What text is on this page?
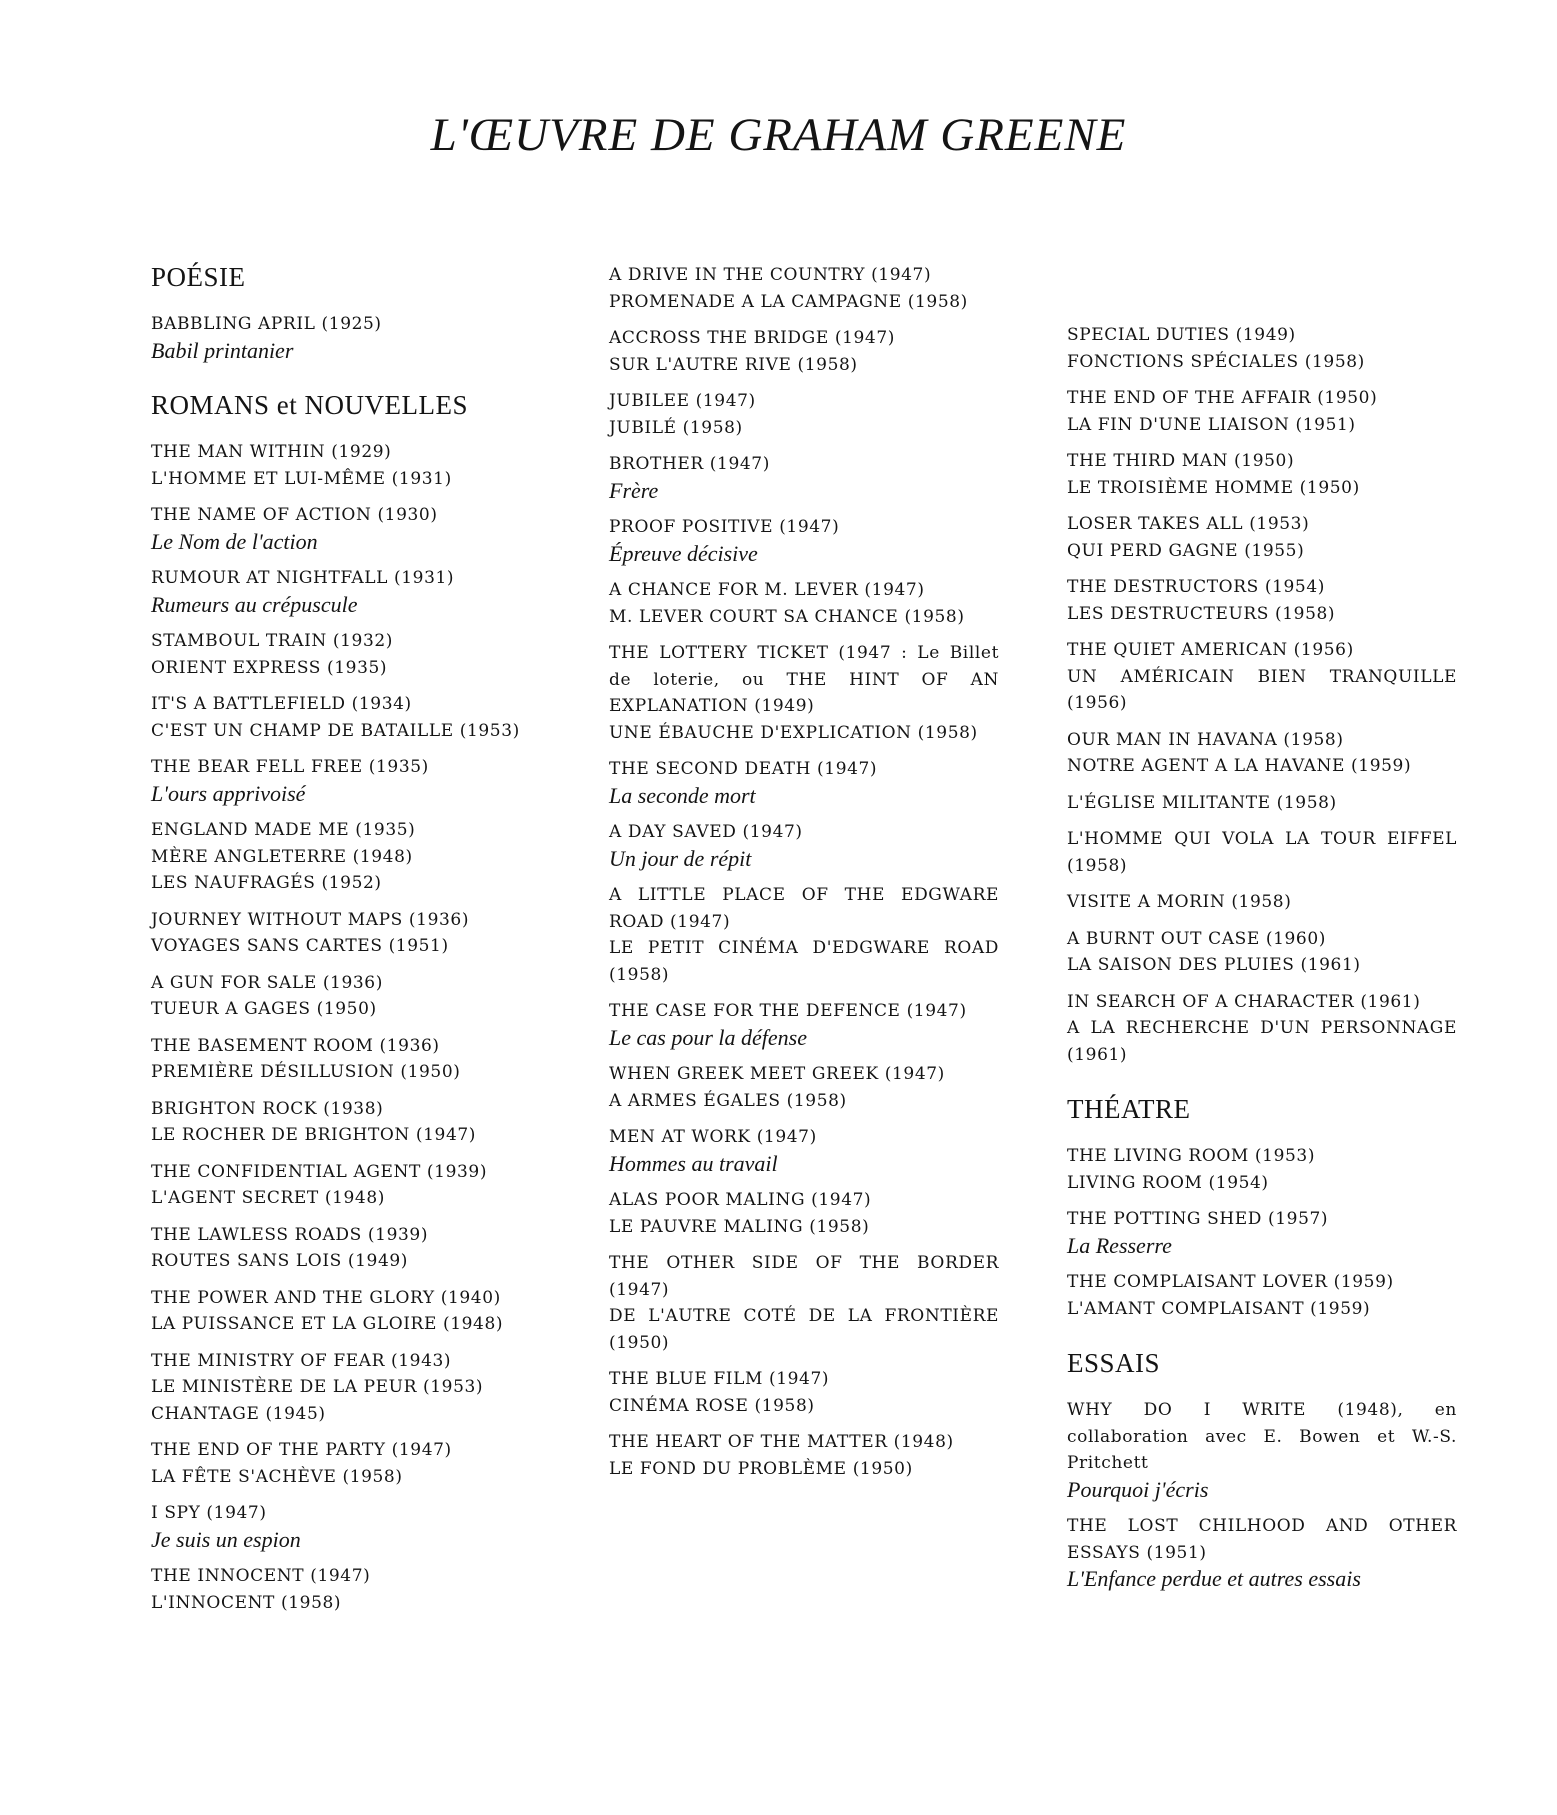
L'ŒUVRE DE GRAHAM GREENE
POÉSIE
BABBLING APRIL (1925)
Babil printanier
ROMANS et NOUVELLES
THE MAN WITHIN (1929)
L'HOMME ET LUI-MÊME (1931)
THE NAME OF ACTION (1930)
Le Nom de l'action
RUMOUR AT NIGHTFALL (1931)
Rumeurs au crépuscule
STAMBOUL TRAIN (1932)
ORIENT EXPRESS (1935)
IT'S A BATTLEFIELD (1934)
C'EST UN CHAMP DE BATAILLE (1953)
THE BEAR FELL FREE (1935)
L'ours apprivoisé
ENGLAND MADE ME (1935)
MÈRE ANGLETERRE (1948)
LES NAUFRAGÉS (1952)
JOURNEY WITHOUT MAPS (1936)
VOYAGES SANS CARTES (1951)
A GUN FOR SALE (1936)
TUEUR A GAGES (1950)
THE BASEMENT ROOM (1936)
PREMIÈRE DÉSILLUSION (1950)
BRIGHTON ROCK (1938)
LE ROCHER DE BRIGHTON (1947)
THE CONFIDENTIAL AGENT (1939)
L'AGENT SECRET (1948)
THE LAWLESS ROADS (1939)
ROUTES SANS LOIS (1949)
THE POWER AND THE GLORY (1940)
LA PUISSANCE ET LA GLOIRE (1948)
THE MINISTRY OF FEAR (1943)
LE MINISTÈRE DE LA PEUR (1953)
CHANTAGE (1945)
THE END OF THE PARTY (1947)
LA FÊTE S'ACHÈVE (1958)
I SPY (1947)
Je suis un espion
THE INNOCENT (1947)
L'INNOCENT (1958)
A DRIVE IN THE COUNTRY (1947)
PROMENADE A LA CAMPAGNE (1958)
ACCROSS THE BRIDGE (1947)
SUR L'AUTRE RIVE (1958)
JUBILEE (1947)
JUBILÉ (1958)
BROTHER (1947)
Frère
PROOF POSITIVE (1947)
Épreuve décisive
A CHANCE FOR M. LEVER (1947)
M. LEVER COURT SA CHANCE (1958)
THE LOTTERY TICKET (1947 : Le Billet de loterie, ou THE HINT OF AN EXPLANATION (1949)
UNE ÉBAUCHE D'EXPLICATION (1958)
THE SECOND DEATH (1947)
La seconde mort
A DAY SAVED (1947)
Un jour de répit
A LITTLE PLACE OF THE EDGWARE ROAD (1947)
LE PETIT CINÉMA D'EDGWARE ROAD (1958)
THE CASE FOR THE DEFENCE (1947)
Le cas pour la défense
WHEN GREEK MEET GREEK (1947)
A ARMES ÉGALES (1958)
MEN AT WORK (1947)
Hommes au travail
ALAS POOR MALING (1947)
LE PAUVRE MALING (1958)
THE OTHER SIDE OF THE BORDER (1947)
DE L'AUTRE COTÉ DE LA FRONTIÈRE (1950)
THE BLUE FILM (1947)
CINÉMA ROSE (1958)
THE HEART OF THE MATTER (1948)
LE FOND DU PROBLÈME (1950)
SPECIAL DUTIES (1949)
FONCTIONS SPÉCIALES (1958)
THE END OF THE AFFAIR (1950)
LA FIN D'UNE LIAISON (1951)
THE THIRD MAN (1950)
LE TROISIÈME HOMME (1950)
LOSER TAKES ALL (1953)
QUI PERD GAGNE (1955)
THE DESTRUCTORS (1954)
LES DESTRUCTEURS (1958)
THE QUIET AMERICAN (1956)
UN AMÉRICAIN BIEN TRANQUILLE (1956)
OUR MAN IN HAVANA (1958)
NOTRE AGENT A LA HAVANE (1959)
L'ÉGLISE MILITANTE (1958)
L'HOMME QUI VOLA LA TOUR EIFFEL (1958)
VISITE A MORIN (1958)
A BURNT OUT CASE (1960)
LA SAISON DES PLUIES (1961)
IN SEARCH OF A CHARACTER (1961)
A LA RECHERCHE D'UN PERSONNAGE (1961)
THÉATRE
THE LIVING ROOM (1953)
LIVING ROOM (1954)
THE POTTING SHED (1957)
La Resserre
THE COMPLAISANT LOVER (1959)
L'AMANT COMPLAISANT (1959)
ESSAIS
WHY DO I WRITE (1948), en collaboration avec E. Bowen et W.-S. Pritchett
Pourquoi j'écris
THE LOST CHILHOOD AND OTHER ESSAYS (1951)
L'Enfance perdue et autres essais
